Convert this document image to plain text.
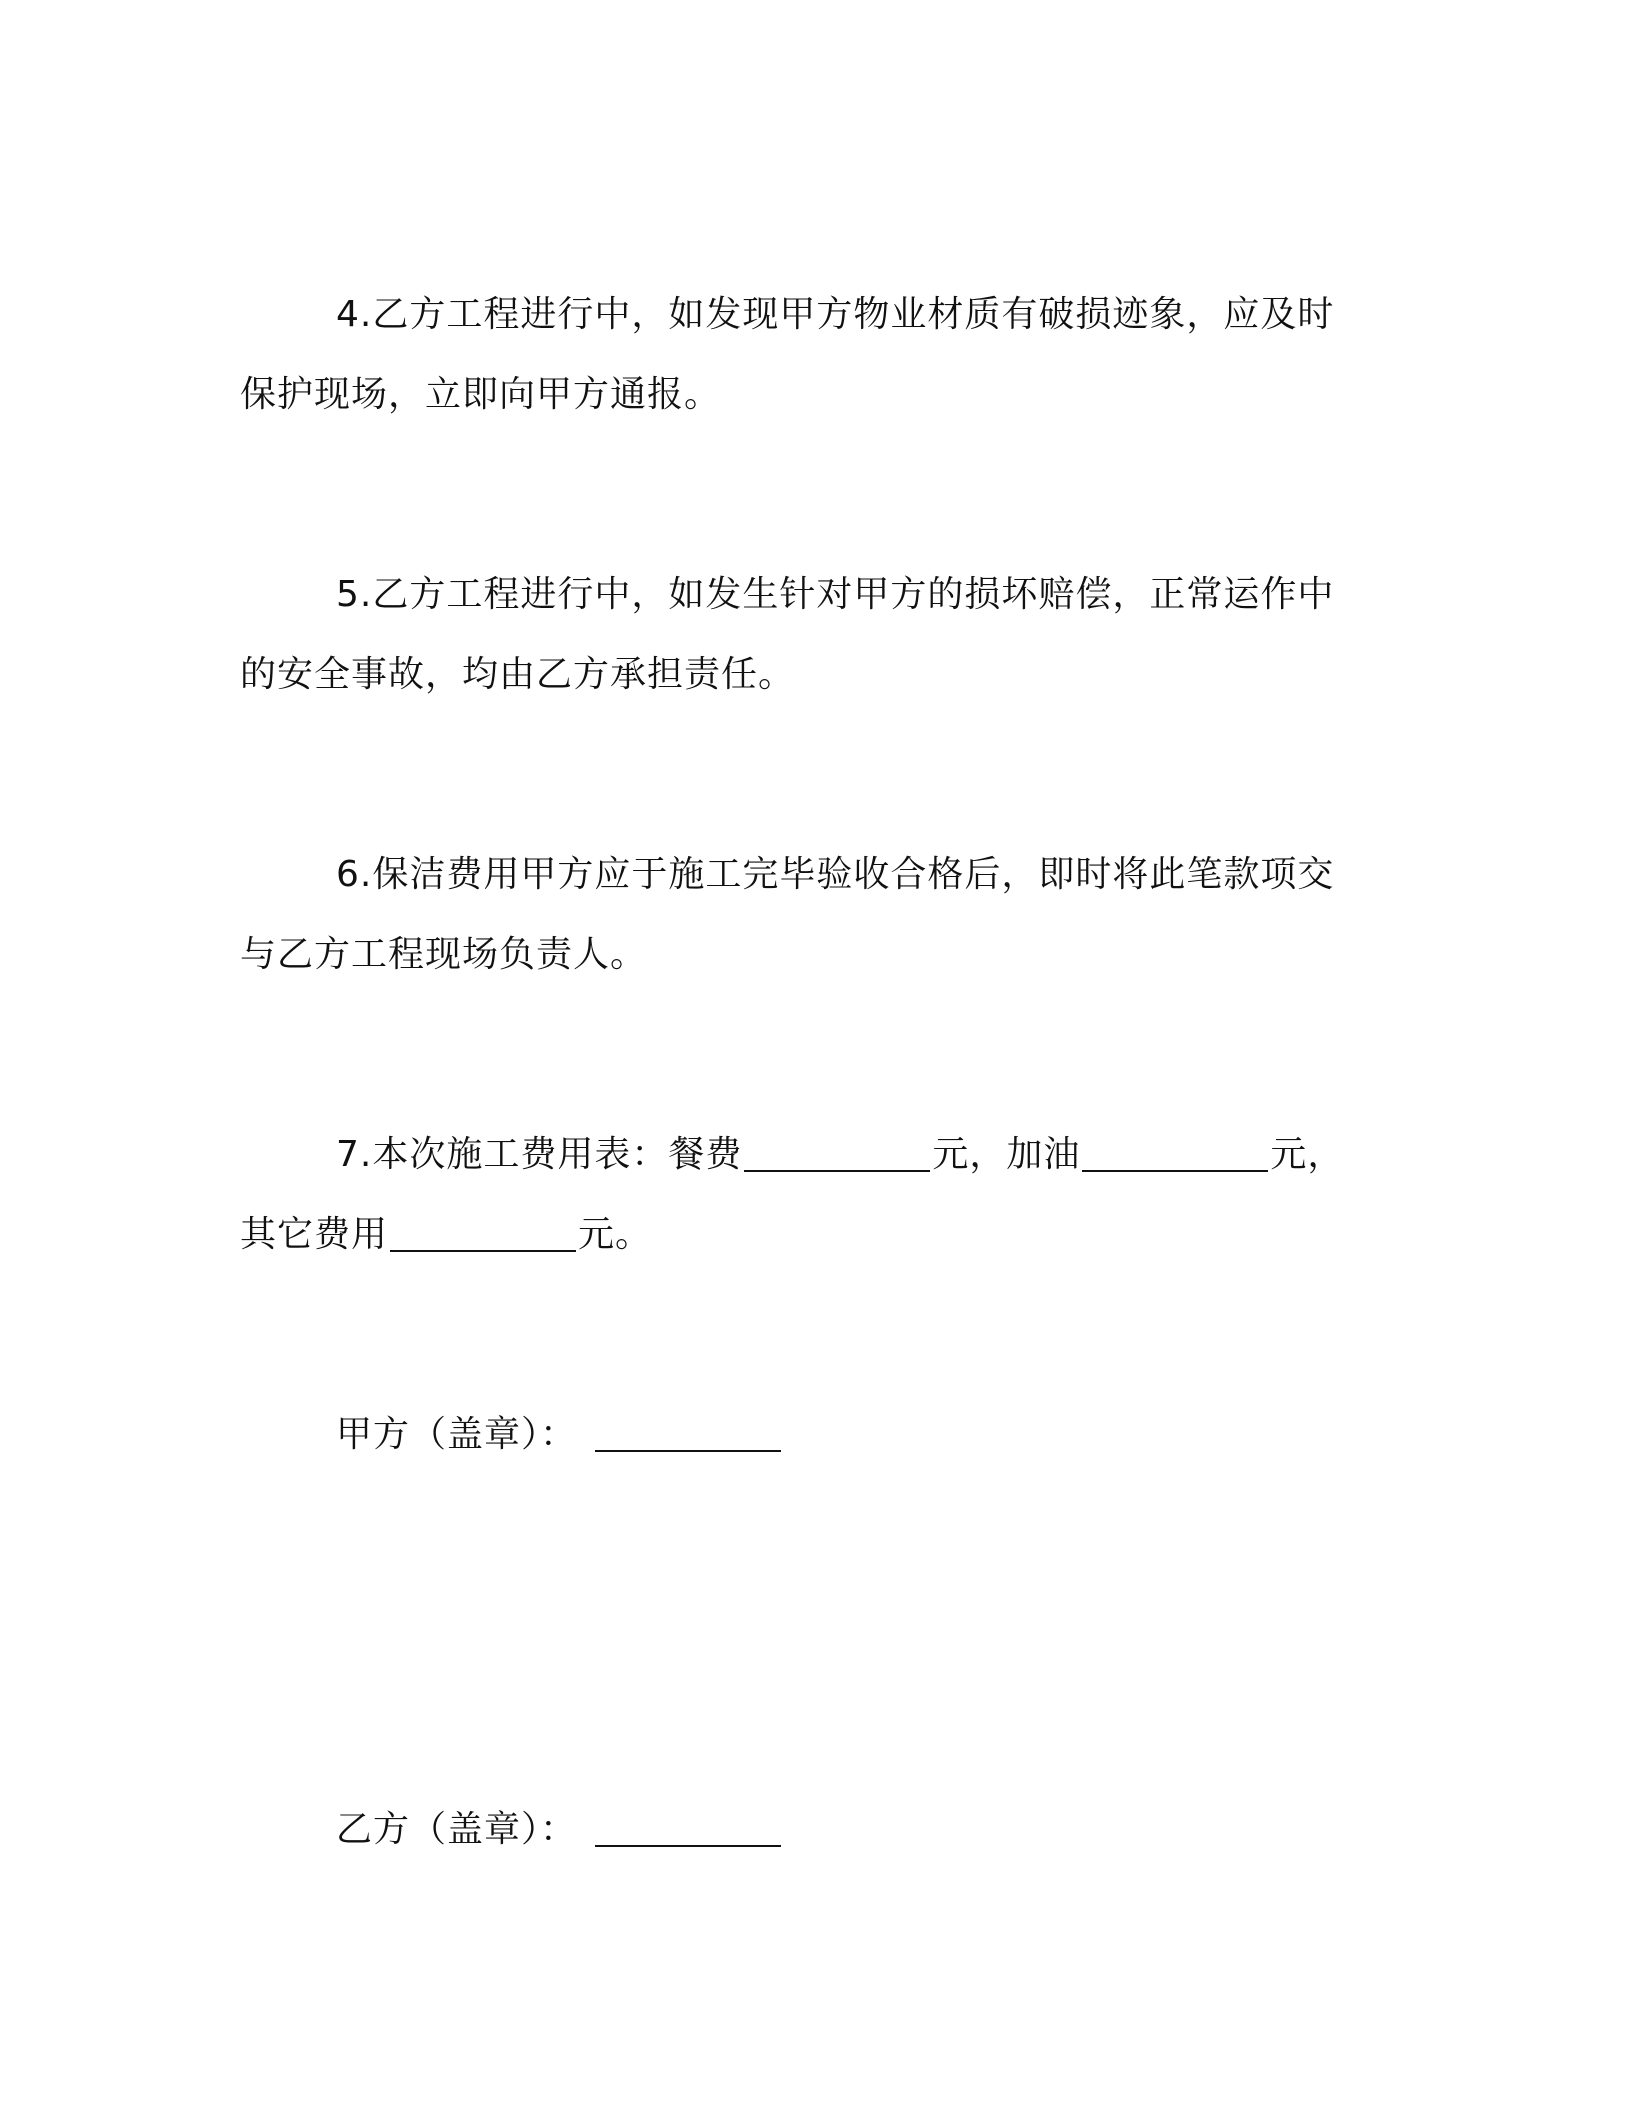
4.乙方工程进行中，如发现甲方物业材质有破损迹象，应及时保护现场，立即向甲方通报。

5.乙方工程进行中，如发生针对甲方的损坏赔偿，正常运作中的安全事故，均由乙方承担责任。

6.保洁费用甲方应于施工完毕验收合格后，即时将此笔款项交与乙方工程现场负责人。

7.本次施工费用表：餐费	元，加油	元，其它费用	元。

甲方（盖章）：

乙方（盖章）：
